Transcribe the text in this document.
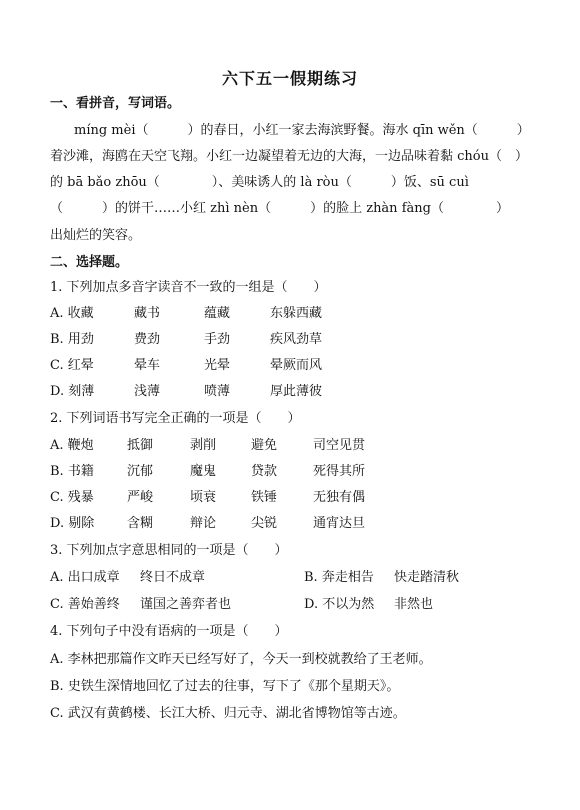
六下五一假期练习
一、看拼音，写词语。
míng mèi（　　　）的春日，小红一家去海滨野餐。海水 qīn wěn（　　　）
着沙滩，海鸥在天空飞翔。小红一边凝望着无边的大海，一边品味着黏 chóu（　）
的 bā bǎo zhōu（　　　　）、美味诱人的 là ròu（　　　）饭、sū cuì
（　　　）的饼干……小红 zhì nèn（　　　）的脸上 zhàn fàng（　　　　）
出灿烂的笑容。
二、选择题。
1. 下列加点多音字读音不一致的一组是（　　）
A. 收藏	藏书	蕴藏	东躲西藏
B. 用劲	费劲	手劲	疾风劲草
C. 红晕	晕车	光晕	晕厥而风
D. 刻薄	浅薄	喷薄	厚此薄彼
2. 下列词语书写完全正确的一项是（　　）
A. 鞭炮	抵御	剥削	避免	司空见贯
B. 书籍	沉郁	魔鬼	贷款	死得其所
C. 残暴	严峻	顷衰	铁锤	无独有偶
D. 剔除	含糊	辩论	尖锐	通宵达旦
3. 下列加点字意思相同的一项是（　　）
A. 出口成章 终日不成章	B. 奔走相告 快走踏清秋
C. 善始善终 谨国之善弈者也	D. 不以为然 非然也
4. 下列句子中没有语病的一项是（　　）
A. 李林把那篇作文昨天已经写好了，今天一到校就教给了王老师。
B. 史铁生深情地回忆了过去的往事，写下了《那个星期天》。
C. 武汉有黄鹤楼、长江大桥、归元寺、湖北省博物馆等古迹。
